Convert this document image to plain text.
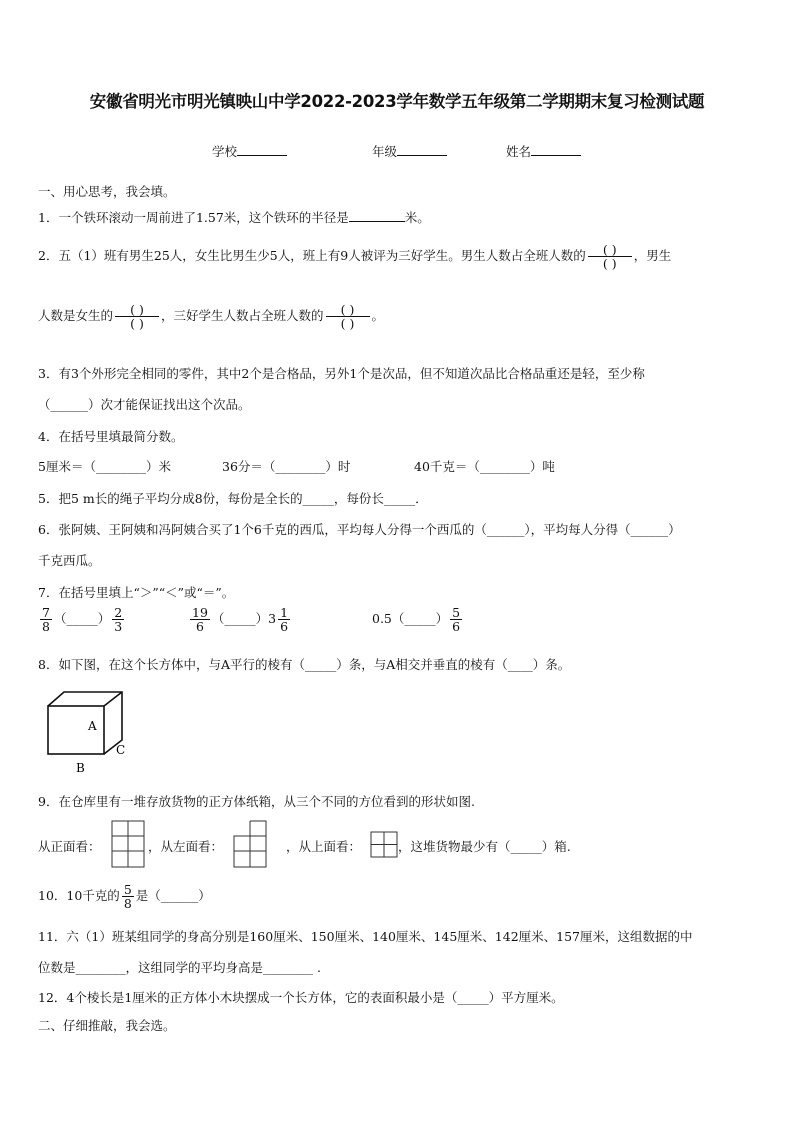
安徽省明光市明光镇映山中学2022-2023学年数学五年级第二学期期末复习检测试题
学校	年级	姓名
一、用心思考，我会填。
1．一个铁环滚动一周前进了1.57米，这个铁环的半径是	米。
2．五（1）班有男生25人，女生比男生少5人，班上有9人被评为三好学生。男生人数占全班人数的 $\frac{( )}{( )}$ ，男生
人数是女生的 $\frac{( )}{( )}$ ，三好学生人数占全班人数的 $\frac{( )}{( )}$ 。
3．有3个外形完全相同的零件，其中2个是合格品，另外1个是次品，但不知道次品比合格品重还是轻，至少称
（______）次才能保证找出这个次品。
4．在括号里填最简分数。
5厘米＝（________）米	36分＝（________）时	40千克＝（________）吨
5．把5 m长的绳子平均分成8份，每份是全长的_____，每份长_____．
6．张阿姨、王阿姨和冯阿姨合买了1个6千克的西瓜，平均每人分得一个西瓜的（______），平均每人分得（______）
千克西瓜。
7．在括号里填上“＞”“＜”或“＝”。
$\frac{7}{8}$ （_____） $\frac{2}{3}$	$\frac{19}{6}$ （_____）3 $\frac{1}{6}$	0.5（_____） $\frac{5}{6}$
8．如下图，在这个长方体中，与A平行的棱有（_____）条，与A相交并垂直的棱有（____）条。
A
B
C
9．在仓库里有一堆存放货物的正方体纸箱，从三个不同的方位看到的形状如图.
从正面看：	，从左面看：	，从上面看：	，这堆货物最少有（_____）箱.
10．10千克的 $\frac{5}{8}$ 是（______）
11．六（1）班某组同学的身高分别是160厘米、150厘米、140厘米、145厘米、142厘米、157厘米，这组数据的中
位数是________，这组同学的平均身高是________ .
12．4个棱长是1厘米的正方体小木块摆成一个长方体，它的表面积最小是（_____）平方厘米。
二、仔细推敲，我会选。
